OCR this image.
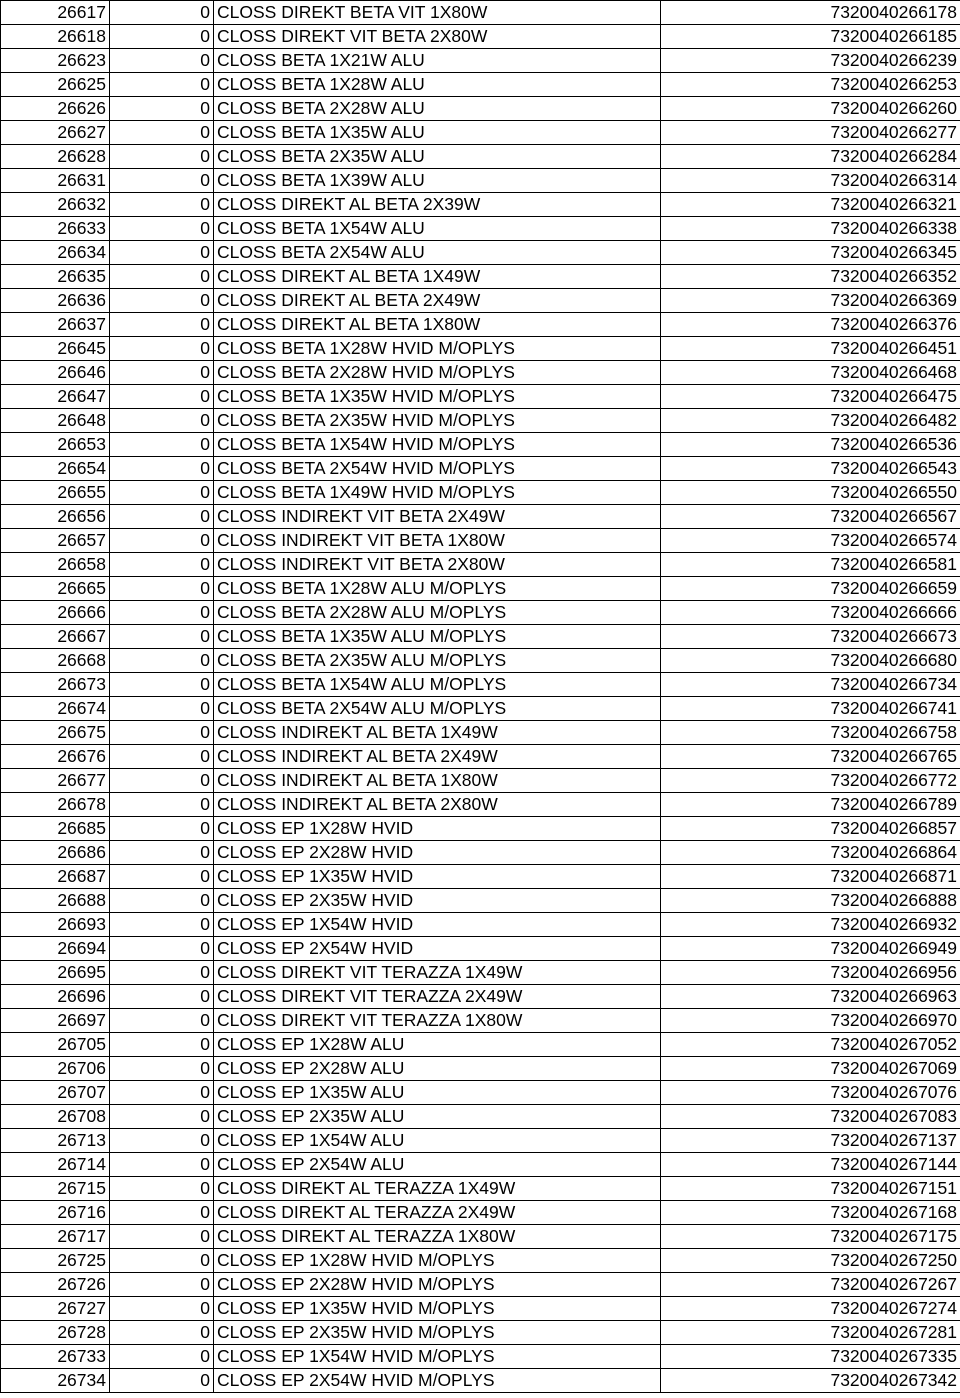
26617	0	CLOSS DIREKT BETA VIT 1X80W	7320040266178
26618	0	CLOSS DIREKT VIT BETA 2X80W	7320040266185
26623	0	CLOSS BETA 1X21W ALU	7320040266239
26625	0	CLOSS BETA 1X28W ALU	7320040266253
26626	0	CLOSS BETA 2X28W ALU	7320040266260
26627	0	CLOSS BETA 1X35W ALU	7320040266277
26628	0	CLOSS BETA 2X35W ALU	7320040266284
26631	0	CLOSS BETA 1X39W ALU	7320040266314
26632	0	CLOSS DIREKT AL BETA 2X39W	7320040266321
26633	0	CLOSS BETA 1X54W ALU	7320040266338
26634	0	CLOSS BETA 2X54W ALU	7320040266345
26635	0	CLOSS DIREKT AL BETA 1X49W	7320040266352
26636	0	CLOSS DIREKT AL BETA 2X49W	7320040266369
26637	0	CLOSS DIREKT AL BETA 1X80W	7320040266376
26645	0	CLOSS BETA 1X28W HVID M/OPLYS	7320040266451
26646	0	CLOSS BETA 2X28W HVID M/OPLYS	7320040266468
26647	0	CLOSS BETA 1X35W HVID M/OPLYS	7320040266475
26648	0	CLOSS BETA 2X35W HVID M/OPLYS	7320040266482
26653	0	CLOSS BETA 1X54W HVID M/OPLYS	7320040266536
26654	0	CLOSS BETA 2X54W HVID M/OPLYS	7320040266543
26655	0	CLOSS BETA 1X49W HVID M/OPLYS	7320040266550
26656	0	CLOSS INDIREKT VIT BETA 2X49W	7320040266567
26657	0	CLOSS INDIREKT VIT BETA 1X80W	7320040266574
26658	0	CLOSS INDIREKT VIT BETA 2X80W	7320040266581
26665	0	CLOSS BETA 1X28W ALU M/OPLYS	7320040266659
26666	0	CLOSS BETA 2X28W ALU M/OPLYS	7320040266666
26667	0	CLOSS BETA 1X35W ALU M/OPLYS	7320040266673
26668	0	CLOSS BETA 2X35W ALU M/OPLYS	7320040266680
26673	0	CLOSS BETA 1X54W ALU M/OPLYS	7320040266734
26674	0	CLOSS BETA 2X54W ALU M/OPLYS	7320040266741
26675	0	CLOSS INDIREKT AL BETA 1X49W	7320040266758
26676	0	CLOSS INDIREKT AL BETA 2X49W	7320040266765
26677	0	CLOSS INDIREKT AL BETA 1X80W	7320040266772
26678	0	CLOSS INDIREKT AL BETA 2X80W	7320040266789
26685	0	CLOSS EP 1X28W HVID	7320040266857
26686	0	CLOSS EP 2X28W HVID	7320040266864
26687	0	CLOSS EP 1X35W HVID	7320040266871
26688	0	CLOSS EP 2X35W HVID	7320040266888
26693	0	CLOSS EP 1X54W HVID	7320040266932
26694	0	CLOSS EP 2X54W HVID	7320040266949
26695	0	CLOSS DIREKT VIT TERAZZA 1X49W	7320040266956
26696	0	CLOSS DIREKT VIT TERAZZA 2X49W	7320040266963
26697	0	CLOSS DIREKT VIT TERAZZA 1X80W	7320040266970
26705	0	CLOSS EP 1X28W ALU	7320040267052
26706	0	CLOSS EP 2X28W ALU	7320040267069
26707	0	CLOSS EP 1X35W ALU	7320040267076
26708	0	CLOSS EP 2X35W ALU	7320040267083
26713	0	CLOSS EP 1X54W ALU	7320040267137
26714	0	CLOSS EP 2X54W ALU	7320040267144
26715	0	CLOSS DIREKT AL TERAZZA 1X49W	7320040267151
26716	0	CLOSS DIREKT AL TERAZZA 2X49W	7320040267168
26717	0	CLOSS DIREKT AL TERAZZA 1X80W	7320040267175
26725	0	CLOSS EP 1X28W HVID M/OPLYS	7320040267250
26726	0	CLOSS EP 2X28W HVID M/OPLYS	7320040267267
26727	0	CLOSS EP 1X35W HVID M/OPLYS	7320040267274
26728	0	CLOSS EP 2X35W HVID M/OPLYS	7320040267281
26733	0	CLOSS EP 1X54W HVID M/OPLYS	7320040267335
26734	0	CLOSS EP 2X54W HVID M/OPLYS	7320040267342
